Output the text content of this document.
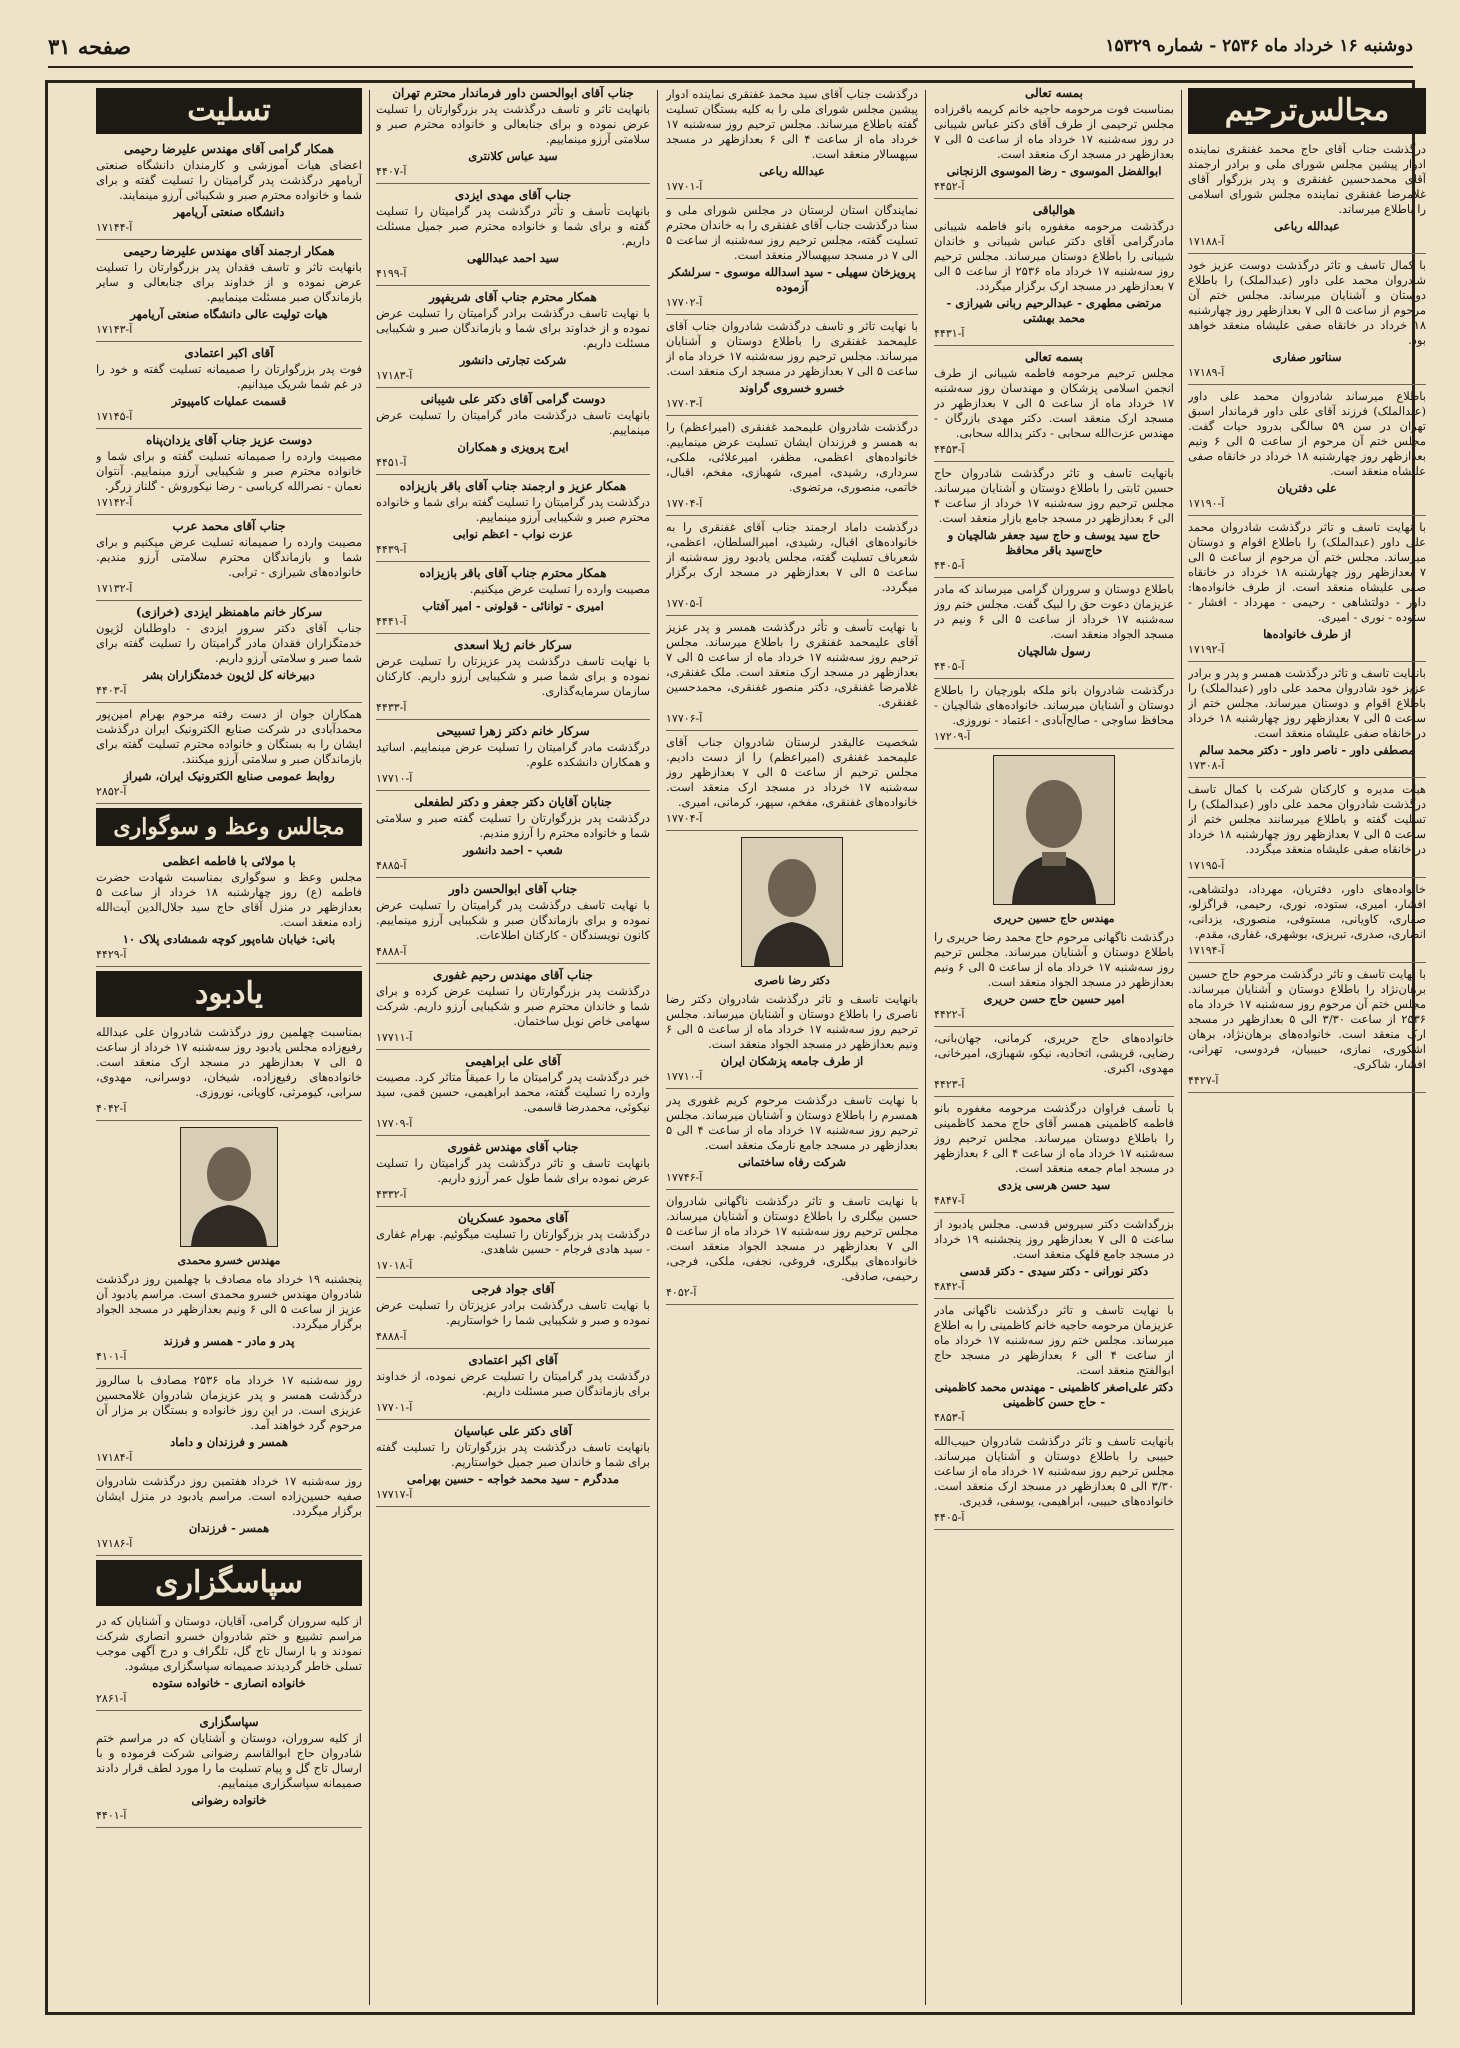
صفحه ۳۱	دوشنبه ۱۶ خرداد ماه ۲۵۳۶ - شماره ۱۵۳۲۹
مجالس‌ترحیم
درگذشت جناب آقای حاج محمد غفنقری نماینده ادوار پیشین مجلس شورای ملی و برادر ارجمند آقای محمدحسین غفنقری و پدر بزرگوار آقای غلامرضا غفنقری نماینده مجلس شورای اسلامی را باطلاع میرساند.
عبدالله رباعی
۱۷۱۸۸-آ
با کمال تاسف و تاثر درگذشت دوست عزیز خود شادروان محمد علی داور (عبدالملک) را باطلاع دوستان و آشنایان میرساند. مجلس ختم آن مرحوم از ساعت ۵ الی ۷ بعدازظهر روز چهارشنبه ۱۸ خرداد در خانقاه صفی علیشاه منعقد خواهد بود.
سناتور صفاری
۱۷۱۸۹-آ
باطلاع میرساند شادروان محمد علی داور (عبدالملک) فرزند آقای علی داور فرماندار اسبق تهران در سن ۵۹ سالگی بدرود حیات گفت. مجلس ختم آن مرحوم از ساعت ۵ الی ۶ ونیم بعدازظهر روز چهارشنبه ۱۸ خرداد در خانقاه صفی علیشاه منعقد است.
علی دفتریان
۱۷۱۹۰-آ
با نهایت تاسف و تاثر درگذشت شادروان محمد علی داور (عبدالملک) را باطلاع اقوام و دوستان میرساند. مجلس ختم آن مرحوم از ساعت ۵ الی ۷ بعدازظهر روز چهارشنبه ۱۸ خرداد در خانقاه صفی علیشاه منعقد است. از طرف خانواده‌ها: داور - دولتشاهی - رحیمی - مهرداد - افشار - ستوده - نوری - امیری.
از طرف خانواده‌ها
۱۷۱۹۲-آ
بانهایت تاسف و تاثر درگذشت همسر و پدر و برادر عزیز خود شادروان محمد علی داور (عبدالملک) را باطلاع اقوام و دوستان میرساند. مجلس ختم از ساعت ۵ الی ۷ بعدازظهر روز چهارشنبه ۱۸ خرداد در خانقاه صفی علیشاه منعقد است.
مصطفی داور - ناصر داور - دکتر محمد سالم
۱۷۳۰۸-آ
هیات مدیره و کارکنان شرکت با کمال تاسف درگذشت شادروان محمد علی داور (عبدالملک) را تسلیت گفته و باطلاع میرسانند مجلس ختم از ساعت ۵ الی ۷ بعدازظهر روز چهارشنبه ۱۸ خرداد در خانقاه صفی علیشاه منعقد میگردد.
۱۷۱۹۵-آ
خانواده‌های داور، دفتریان، مهرداد، دولتشاهی، افشار، امیری، ستوده، نوری، رحیمی، قراگزلو، صفاری، کاویانی، مستوفی، منصوری، یزدانی، انصاری، صدری، تبریزی، بوشهری، غفاری، مقدم.
۱۷۱۹۴-آ
با نهایت تاسف و تاثر درگذشت مرحوم حاج حسین برهان‌نژاد را باطلاع دوستان و آشنایان میرساند. مجلس ختم آن مرحوم روز سه‌شنبه ۱۷ خرداد ماه ۲۵۳۶ از ساعت ۳/۳۰ الی ۵ بعدازظهر در مسجد ارک منعقد است. خانواده‌های برهان‌نژاد، برهان اشکوری، نمازی، حبیبیان، فردوسی، تهرانی، افشار، شاکری.
۴۴۲۷-آ
بمسه تعالی
بمناسبت فوت مرحومه حاجیه خانم کریمه باقرزاده مجلس ترحیمی از طرف آقای دکتر عباس شیبانی در روز سه‌شنبه ۱۷ خرداد ماه از ساعت ۵ الی ۷ بعدازظهر در مسجد ارک منعقد است.
ابوالفضل الموسوی - رضا الموسوی الزنجانی
۴۴۵۲-آ
هوالباقی
درگذشت مرحومه مغفوره بانو فاطمه شیبانی مادرگرامی آقای دکتر عباس شیبانی و خاندان شیبانی را باطلاع دوستان میرساند. مجلس ترحیم روز سه‌شنبه ۱۷ خرداد ماه ۲۵۳۶ از ساعت ۵ الی ۷ بعدازظهر در مسجد ارک برگزار میگردد.
مرتضی مطهری - عبدالرحیم ربانی شیرازی - محمد بهشتی
۴۴۳۱-آ
بسمه تعالی
مجلس ترحیم مرحومه فاطمه شیبانی از طرف انجمن اسلامی پزشکان و مهندسان روز سه‌شنبه ۱۷ خرداد ماه از ساعت ۵ الی ۷ بعدازظهر در مسجد ارک منعقد است. دکتر مهدی بازرگان - مهندس عزت‌الله سحابی - دکتر یدالله سحابی.
۴۴۵۳-آ
بانهایت تاسف و تاثر درگذشت شادروان حاج حسین ثابتی را باطلاع دوستان و آشنایان میرساند. مجلس ترحیم روز سه‌شنبه ۱۷ خرداد از ساعت ۴ الی ۶ بعدازظهر در مسجد جامع بازار منعقد است.
حاج سید یوسف و حاج سید جعفر شالچیان و حاج‌سید باقر محافظ
۴۴۰۵-آ
باطلاع دوستان و سروران گرامی میرساند که مادر عزیزمان دعوت حق را لبیک گفت. مجلس ختم روز سه‌شنبه ۱۷ خرداد از ساعت ۵ الی ۶ ونیم در مسجد الجواد منعقد است.
رسول شالچیان
۴۴۰۵-آ
درگذشت شادروان بانو ملکه بلورچیان را باطلاع دوستان و آشنایان میرساند. خانواده‌های شالچیان - محافظ ساوجی - صالح‌آبادی - اعتماد - نوروزی.
۱۷۲۰۹-آ
مهندس حاج حسین حریری
درگذشت ناگهانی مرحوم حاج محمد رضا حریری را باطلاع دوستان و آشنایان میرساند. مجلس ترحیم روز سه‌شنبه ۱۷ خرداد ماه از ساعت ۵ الی ۶ ونیم بعدازظهر در مسجد الجواد منعقد است.
امیر حسین حاج حسن حریری
۴۴۲۲-آ
خانواده‌های حاج حریری، کرمانی، جهان‌بانی، رضایی، قریشی، اتحادیه، نیکو، شهبازی، امیرخانی، مهدوی، اکبری.
۴۴۲۳-آ
با تأسف فراوان درگذشت مرحومه مغفوره بانو فاطمه کاظمینی همسر آقای حاج محمد کاظمینی را باطلاع دوستان میرساند. مجلس ترحیم روز سه‌شنبه ۱۷ خرداد ماه از ساعت ۴ الی ۶ بعدازظهر در مسجد امام جمعه منعقد است.
سید حسن هرسی یزدی
۴۸۴۷-آ
بزرگداشت دکتر سیروس قدسی. مجلس یادبود از ساعت ۵ الی ۷ بعدازظهر روز پنجشنبه ۱۹ خرداد در مسجد جامع قلهک منعقد است.
دکتر نورانی - دکتر سیدی - دکتر قدسی
۴۸۴۲-آ
با نهایت تاسف و تاثر درگذشت ناگهانی مادر عزیزمان مرحومه حاجیه خانم کاظمینی را به اطلاع میرساند. مجلس ختم روز سه‌شنبه ۱۷ خرداد ماه از ساعت ۴ الی ۶ بعدازظهر در مسجد حاج ابوالفتح منعقد است.
دکتر علی‌اصغر کاظمینی - مهندس محمد کاظمینی - حاج حسن کاظمینی
۴۸۵۳-آ
بانهایت تاسف و تاثر درگذشت شادروان حبیب‌الله حبیبی را باطلاع دوستان و آشنایان میرساند. مجلس ترحیم روز سه‌شنبه ۱۷ خرداد ماه از ساعت ۳/۳۰ الی ۵ بعدازظهر در مسجد ارک منعقد است. خانواده‌های حبیبی، ابراهیمی، یوسفی، قدیری.
۴۴۰۵-آ
درگذشت جناب آقای سید محمد غفنقری نماینده ادوار پیشین مجلس شورای ملی را به کلیه بستگان تسلیت گفته باطلاع میرساند. مجلس ترحیم روز سه‌شنبه ۱۷ خرداد ماه از ساعت ۴ الی ۶ بعدازظهر در مسجد سپهسالار منعقد است.
عبدالله رباعی
۱۷۷۰۱-آ
نمایندگان استان لرستان در مجلس شورای ملی و سنا درگذشت جناب آقای غفنقری را به خاندان محترم تسلیت گفته، مجلس ترحیم روز سه‌شنبه از ساعت ۵ الی ۷ در مسجد سپهسالار منعقد است.
پرویزخان سهیلی - سید اسدالله موسوی - سرلشکر آزموده
۱۷۷۰۲-آ
با نهایت تاثر و تاسف درگذشت شادروان جناب آقای علیمحمد غفنقری را باطلاع دوستان و آشنایان میرساند. مجلس ترحیم روز سه‌شنبه ۱۷ خرداد ماه از ساعت ۵ الی ۷ بعدازظهر در مسجد ارک منعقد است.
خسرو خسروی گراوند
۱۷۷۰۳-آ
درگذشت شادروان علیمحمد غفنقری (امیراعظم) را به همسر و فرزندان ایشان تسلیت عرض مینماییم. خانواده‌های اعظمی، مظفر، امیرعلائی، ملکی، سرداری، رشیدی، امیری، شهبازی، مفخم، اقبال، خاتمی، منصوری، مرتضوی.
۱۷۷۰۴-آ
درگذشت داماد ارجمند جناب آقای غفنقری را به خانواده‌های اقبال، رشیدی، امیرالسلطان، اعظمی، شعرباف تسلیت گفته، مجلس یادبود روز سه‌شنبه از ساعت ۵ الی ۷ بعدازظهر در مسجد ارک برگزار میگردد.
۱۷۷۰۵-آ
با نهایت تأسف و تأثر درگذشت همسر و پدر عزیز آقای علیمحمد غفنقری را باطلاع میرساند. مجلس ترحیم روز سه‌شنبه ۱۷ خرداد ماه از ساعت ۵ الی ۷ بعدازظهر در مسجد ارک منعقد است. ملک غفنقری، غلامرضا غفنقری، دکتر منصور غفنقری، محمدحسین غفنقری.
۱۷۷۰۶-آ
شخصیت عالیقدر لرستان شادروان جناب آقای علیمحمد غفنقری (امیراعظم) را از دست دادیم. مجلس ترحیم از ساعت ۵ الی ۷ بعدازظهر روز سه‌شنبه ۱۷ خرداد در مسجد ارک منعقد است. خانواده‌های غفنقری، مفخم، سپهر، کرمانی، امیری.
۱۷۷۰۴-آ
دکتر رضا ناصری
بانهایت تاسف و تاثر درگذشت شادروان دکتر رضا ناصری را باطلاع دوستان و آشنایان میرساند. مجلس ترحیم روز سه‌شنبه ۱۷ خرداد ماه از ساعت ۵ الی ۶ ونیم بعدازظهر در مسجد الجواد منعقد است.
از طرف جامعه پزشکان ایران
۱۷۷۱۰-آ
با نهایت تاسف درگذشت مرحوم کریم غفوری پدر همسرم را باطلاع دوستان و آشنایان میرساند. مجلس ترحیم روز سه‌شنبه ۱۷ خرداد ماه از ساعت ۴ الی ۵ بعدازظهر در مسجد جامع نارمک منعقد است.
شرکت رفاه ساختمانی
۱۷۷۴۶-آ
با نهایت تاسف و تاثر درگذشت ناگهانی شادروان حسین بیگلری را باطلاع دوستان و آشنایان میرساند. مجلس ترحیم روز سه‌شنبه ۱۷ خرداد ماه از ساعت ۵ الی ۷ بعدازظهر در مسجد الجواد منعقد است. خانواده‌های بیگلری، فروغی، نجفی، ملکی، فرجی، رحیمی، صادقی.
۴۰۵۲-آ
جناب آقای ابوالحسن داور فرماندار محترم تهران
بانهایت تاثر و تاسف درگذشت پدر بزرگوارتان را تسلیت عرض نموده و برای جنابعالی و خانواده محترم صبر و سلامتی آرزو مینماییم.
سید عباس کلانتری
۴۴۰۷-آ
جناب آقای مهدی ایزدی
بانهایت تأسف و تأثر درگذشت پدر گرامیتان را تسلیت گفته و برای شما و خانواده محترم صبر جمیل مسئلت داریم.
سید احمد عبداللهی
۴۱۹۹-آ
همکار محترم جناب آقای شریفپور
با نهایت تاسف درگذشت برادر گرامیتان را تسلیت عرض نموده و از خداوند برای شما و بازماندگان صبر و شکیبایی مسئلت داریم.
شرکت تجارتی دانشور
۱۷۱۸۳-آ
دوست گرامی آقای دکتر علی شیبانی
بانهایت تاسف درگذشت مادر گرامیتان را تسلیت عرض مینماییم.
ایرج پرویزی و همکاران
۴۴۵۱-آ
همکار عزیز و ارجمند جناب آقای باقر بازیزاده
درگذشت پدر گرامیتان را تسلیت گفته برای شما و خانواده محترم صبر و شکیبایی آرزو مینماییم.
عزت نواب - اعظم نوابی
۴۴۳۹-آ
همکار محترم جناب آقای باقر بازیزاده
مصیبت وارده را تسلیت عرض میکنیم.
امیری - توانائی - قولونی - امیر آفتاب
۴۴۴۱-آ
سرکار خانم ژیلا اسعدی
با نهایت تاسف درگذشت پدر عزیزتان را تسلیت عرض نموده و برای شما صبر و شکیبایی آرزو داریم. کارکنان سازمان سرمایه‌گذاری.
۴۴۳۳-آ
سرکار خانم دکتر زهرا تسبیحی
درگذشت مادر گرامیتان را تسلیت عرض مینماییم. اساتید و همکاران دانشکده علوم.
۱۷۷۱۰-آ
جنابان آقایان دکتر جعفر و دکتر لطفعلی
درگذشت پدر بزرگوارتان را تسلیت گفته صبر و سلامتی شما و خانواده محترم را آرزو مندیم.
شعب - احمد دانشور
۴۸۸۵-آ
جناب آقای ابوالحسن داور
با نهایت تاسف درگذشت پدر گرامیتان را تسلیت عرض نموده و برای بازماندگان صبر و شکیبایی آرزو مینماییم. کانون نویسندگان - کارکنان اطلاعات.
۴۸۸۸-آ
جناب آقای مهندس رحیم غفوری
درگذشت پدر بزرگوارتان را تسلیت عرض کرده و برای شما و خاندان محترم صبر و شکیبایی آرزو داریم. شرکت سهامی خاص نوبل ساختمان.
۱۷۷۱۱-آ
آقای علی ابراهیمی
خبر درگذشت پدر گرامیتان ما را عمیقاً متاثر کرد. مصیبت وارده را تسلیت گفته، محمد ابراهیمی، حسین قمی، سید نیکوئی، محمدرضا قاسمی.
۱۷۷۰۹-آ
جناب آقای مهندس غفوری
بانهایت تاسف و تاثر درگذشت پدر گرامیتان را تسلیت عرض نموده برای شما طول عمر آرزو داریم.
۴۳۳۲-آ
آقای محمود عسکریان
درگذشت پدر بزرگوارتان را تسلیت میگوئیم. بهرام غفاری - سید هادی فرجام - حسین شاهدی.
۱۷۰۱۸-آ
آقای جواد فرجی
با نهایت تاسف درگذشت برادر عزیزتان را تسلیت عرض نموده و صبر و شکیبایی شما را خواستاریم.
۴۸۸۸-آ
آقای اکبر اعتمادی
درگذشت پدر گرامیتان را تسلیت عرض نموده، از خداوند برای بازماندگان صبر مسئلت داریم.
۱۷۷۰۱-آ
آقای دکتر علی عباسیان
بانهایت تاسف درگذشت پدر بزرگوارتان را تسلیت گفته برای شما و خاندان صبر جمیل خواستاریم.
مددگرم - سید محمد خواجه - حسین بهرامی
۱۷۷۱۷-آ
تسلیت
همکار گرامی آقای مهندس علیرضا رحیمی
اعضای هیات آموزشی و کارمندان دانشگاه صنعتی آریامهر درگذشت پدر گرامیتان را تسلیت گفته و برای شما و خانواده محترم صبر و شکیبائی آرزو مینمایند.
دانشگاه صنعتی آریامهر
۱۷۱۴۴-آ
همکار ارجمند آقای مهندس علیرضا رحیمی
بانهایت تاثر و تاسف فقدان پدر بزرگوارتان را تسلیت عرض نموده و از خداوند برای جنابعالی و سایر بازماندگان صبر مسئلت مینماییم.
هیات تولیت عالی دانشگاه صنعتی آریامهر
۱۷۱۴۳-آ
آقای اکبر اعتمادی
فوت پدر بزرگوارتان را صمیمانه تسلیت گفته و خود را در غم شما شریک میدانیم.
قسمت عملیات کامپیوتر
۱۷۱۴۵-آ
دوست عزیز جناب آقای یزدان‌پناه
مصیبت وارده را صمیمانه تسلیت گفته و برای شما و خانواده محترم صبر و شکیبایی آرزو مینماییم. آنتوان نعمان - نصرالله کرباسی - رضا نیکوروش - گلناز زرگر.
۱۷۱۴۲-آ
جناب آقای محمد عرب
مصیبت وارده را صمیمانه تسلیت عرض میکنیم و برای شما و بازماندگان محترم سلامتی آرزو مندیم. خانواده‌های شیرازی - ترابی.
۱۷۱۳۲-آ
سرکار خانم ماهمنظر ایزدی (خرازی)
جناب آقای دکتر سرور ایزدی - داوطلبان لژیون خدمتگزاران فقدان مادر گرامیتان را تسلیت گفته برای شما صبر و سلامتی آرزو داریم.
دبیرخانه کل لژیون خدمتگزاران بشر
۴۴۰۳-آ
همکاران جوان از دست رفته مرحوم بهرام امین‌پور محمدآبادی در شرکت صنایع الکترونیک ایران درگذشت ایشان را به بستگان و خانواده محترم تسلیت گفته برای بازماندگان صبر و سلامتی آرزو میکنند.
روابط عمومی صنایع الکترونیک ایران، شیراز
۲۸۵۲-آ
مجالس وعظ و سوگواری
با مولائی با فاطمه اعظمی
مجلس وعظ و سوگواری بمناسبت شهادت حضرت فاطمه (ع) روز چهارشنبه ۱۸ خرداد از ساعت ۵ بعدازظهر در منزل آقای حاج سید جلال‌الدین آیت‌الله زاده منعقد است.
بانی: خیابان شاه‌پور کوچه شمشادی پلاک ۱۰
۴۴۲۹-آ
یادبود
بمناسبت چهلمین روز درگذشت شادروان علی عبدالله رفیع‌زاده مجلس یادبود روز سه‌شنبه ۱۷ خرداد از ساعت ۵ الی ۷ بعدازظهر در مسجد ارک منعقد است. خانواده‌های رفیع‌زاده، شیخان، دوسرانی، مهدوی، سرابی، کیومرثی، کاویانی، نوروزی.
۴۰۴۲-آ
مهندس خسرو محمدی
پنجشنبه ۱۹ خرداد ماه مصادف با چهلمین روز درگذشت شادروان مهندس خسرو محمدی است. مراسم یادبود آن عزیز از ساعت ۵ الی ۶ ونیم بعدازظهر در مسجد الجواد برگزار میگردد.
پدر و مادر - همسر و فرزند
۴۱۰۱-آ
روز سه‌شنبه ۱۷ خرداد ماه ۲۵۳۶ مصادف با سالروز درگذشت همسر و پدر عزیزمان شادروان غلامحسین عزیزی است. در این روز خانواده و بستگان بر مزار آن مرحوم گرد خواهند آمد.
همسر و فرزندان و داماد
۱۷۱۸۴-آ
روز سه‌شنبه ۱۷ خرداد هفتمین روز درگذشت شادروان صفیه حسین‌زاده است. مراسم یادبود در منزل ایشان برگزار میگردد.
همسر - فرزندان
۱۷۱۸۶-آ
سپاسگزاری
از کلیه سروران گرامی، آقایان، دوستان و آشنایان که در مراسم تشییع و ختم شادروان خسرو انصاری شرکت نمودند و با ارسال تاج گل، تلگراف و درج آگهی موجب تسلی خاطر گردیدند صمیمانه سپاسگزاری میشود.
خانواده انصاری - خانواده ستوده
۲۸۶۱-آ
سپاسگزاری
از کلیه سروران، دوستان و آشنایان که در مراسم ختم شادروان حاج ابوالقاسم رضوانی شرکت فرموده و با ارسال تاج گل و پیام تسلیت ما را مورد لطف قرار دادند صمیمانه سپاسگزاری مینماییم.
خانواده رضوانی
۴۴۰۱-آ
